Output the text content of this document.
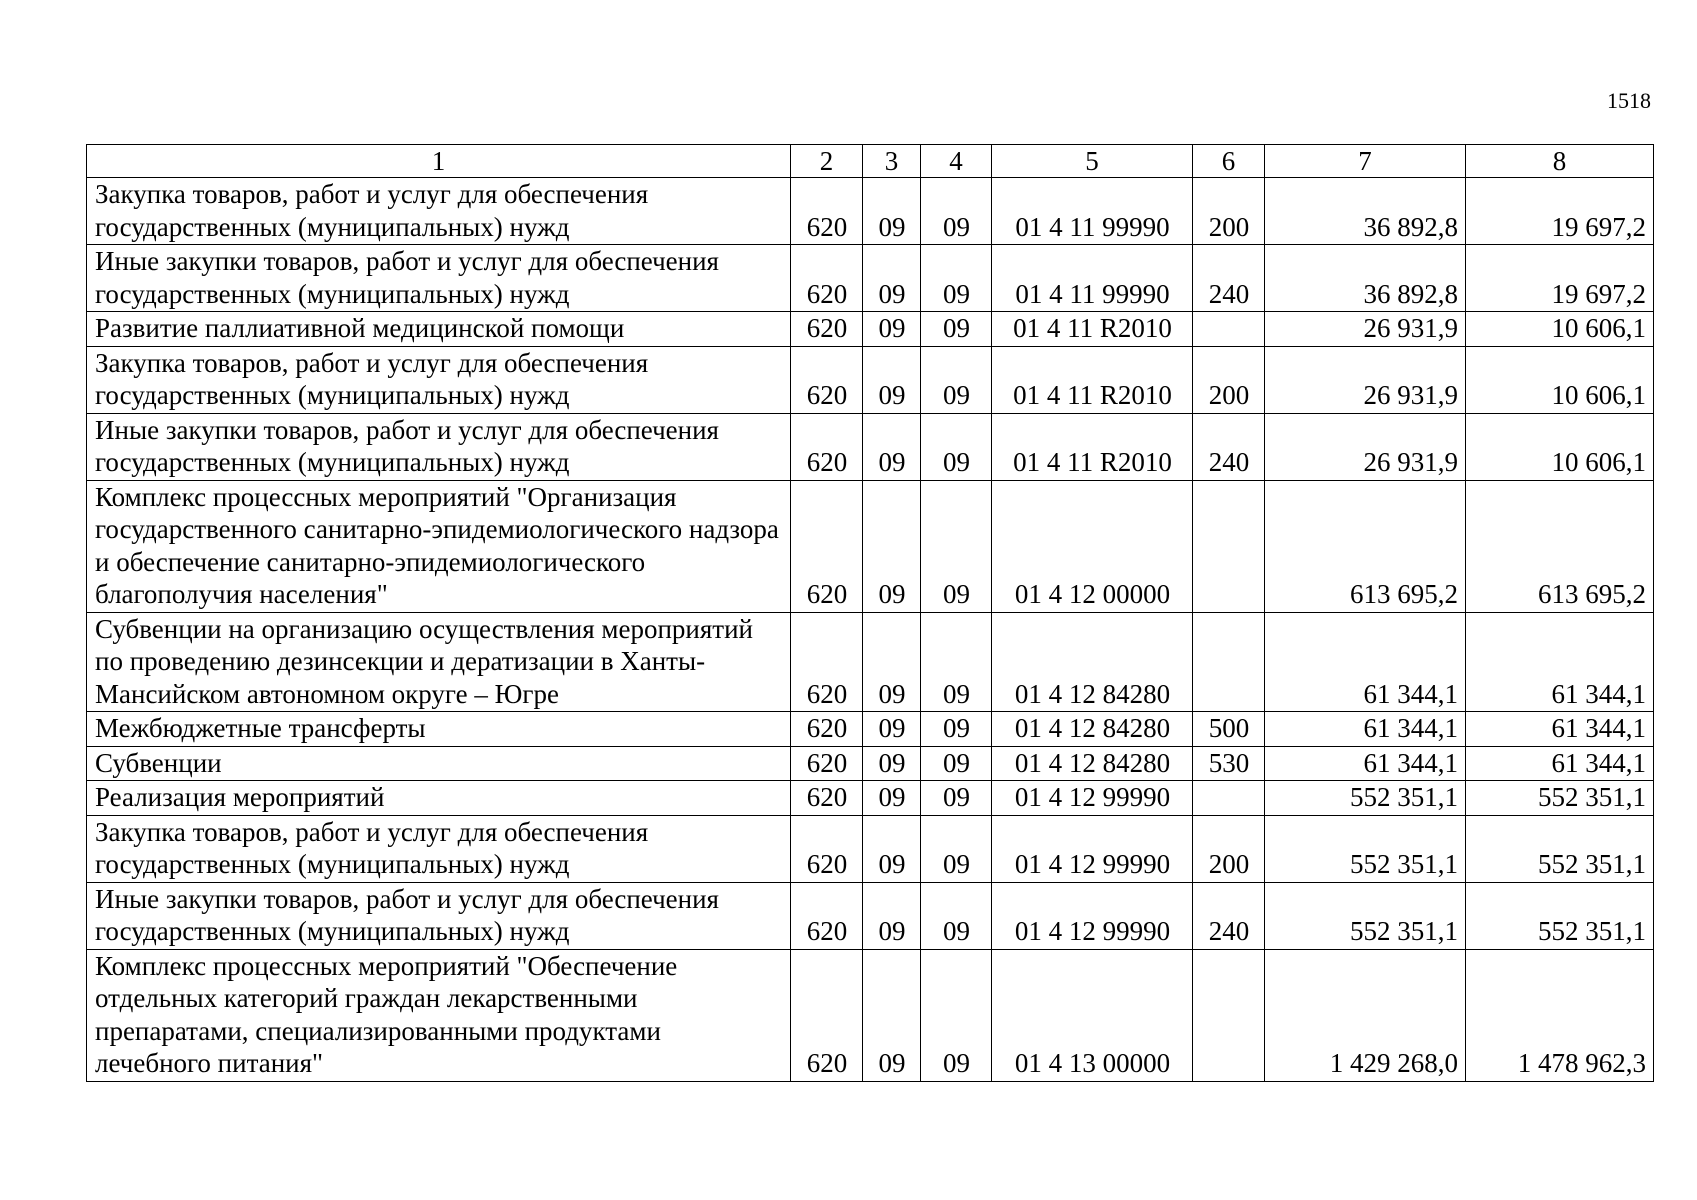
1518
1	2	3	4	5	6	7	8
Закупка товаров, работ и услуг для обеспечения государственных (муниципальных) нужд	620	09	09	01 4 11 99990	200	36 892,8	19 697,2
Иные закупки товаров, работ и услуг для обеспечения государственных (муниципальных) нужд	620	09	09	01 4 11 99990	240	36 892,8	19 697,2
Развитие паллиативной медицинской помощи	620	09	09	01 4 11 R2010		26 931,9	10 606,1
Закупка товаров, работ и услуг для обеспечения государственных (муниципальных) нужд	620	09	09	01 4 11 R2010	200	26 931,9	10 606,1
Иные закупки товаров, работ и услуг для обеспечения государственных (муниципальных) нужд	620	09	09	01 4 11 R2010	240	26 931,9	10 606,1
Комплекс процессных мероприятий "Организация государственного санитарно-эпидемиологического надзора и обеспечение санитарно-эпидемиологического благополучия населения"	620	09	09	01 4 12 00000		613 695,2	613 695,2
Субвенции на организацию осуществления мероприятий по проведению дезинсекции и дератизации в Ханты-Мансийском автономном округе – Югре	620	09	09	01 4 12 84280		61 344,1	61 344,1
Межбюджетные трансферты	620	09	09	01 4 12 84280	500	61 344,1	61 344,1
Субвенции	620	09	09	01 4 12 84280	530	61 344,1	61 344,1
Реализация мероприятий	620	09	09	01 4 12 99990		552 351,1	552 351,1
Закупка товаров, работ и услуг для обеспечения государственных (муниципальных) нужд	620	09	09	01 4 12 99990	200	552 351,1	552 351,1
Иные закупки товаров, работ и услуг для обеспечения государственных (муниципальных) нужд	620	09	09	01 4 12 99990	240	552 351,1	552 351,1
Комплекс процессных мероприятий "Обеспечение отдельных категорий граждан лекарственными препаратами, специализированными продуктами лечебного питания"	620	09	09	01 4 13 00000		1 429 268,0	1 478 962,3
